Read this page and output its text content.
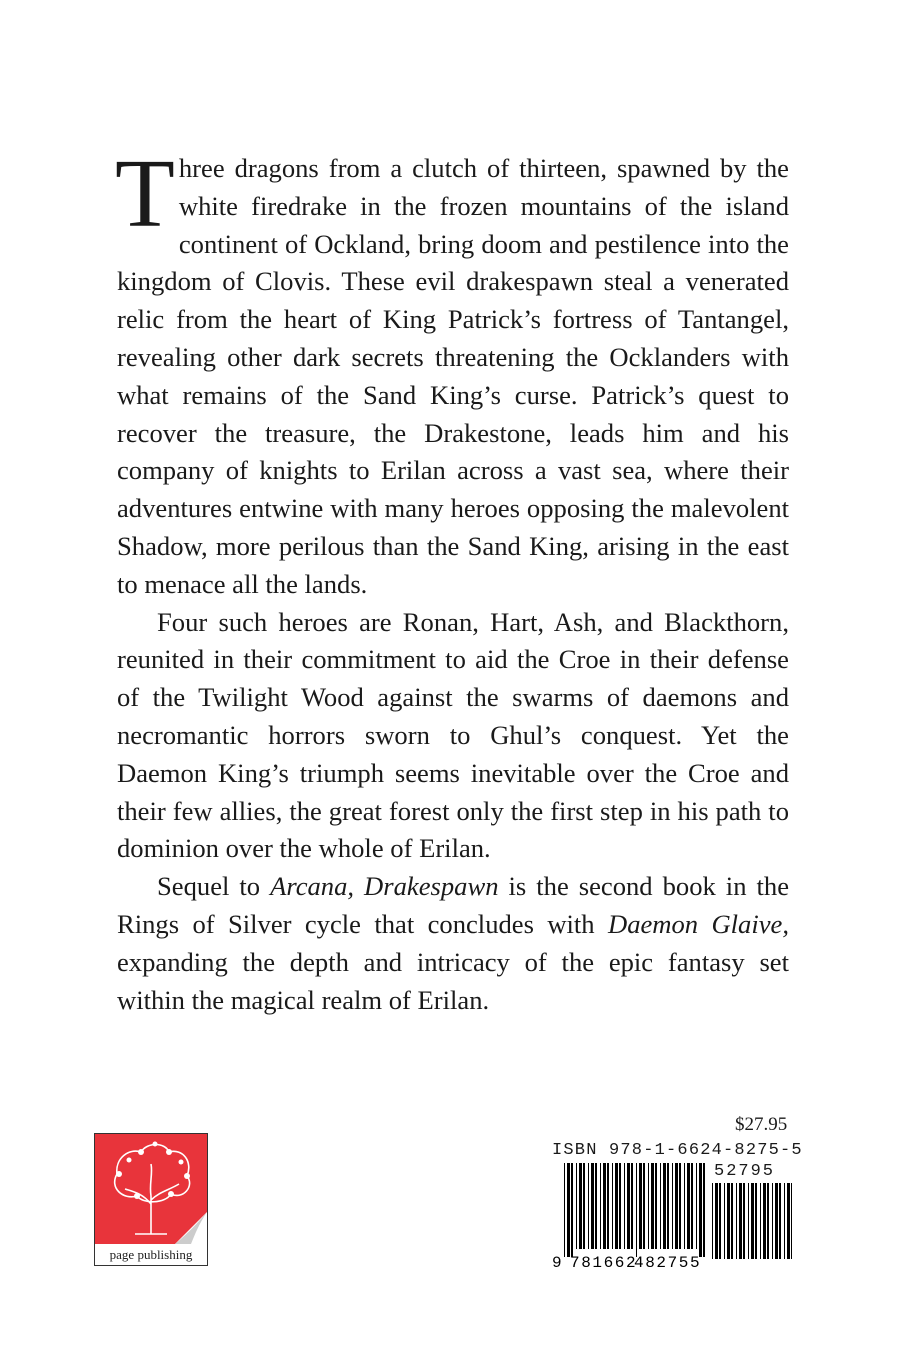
Three dragons from a clutch of thirteen, spawned by the white firedrake in the frozen mountains of the island continent of Ockland, bring doom and pestilence into the kingdom of Clovis. These evil drakespawn steal a venerated relic from the heart of King Patrick’s fortress of Tantangel, revealing other dark secrets threatening the Ocklanders with what remains of the Sand King’s curse. Patrick’s quest to recover the treasure, the Drakestone, leads him and his company of knights to Erilan across a vast sea, where their adventures entwine with many heroes opposing the malevolent Shadow, more perilous than the Sand King, arising in the east to menace all the lands.

Four such heroes are Ronan, Hart, Ash, and Blackthorn, reunited in their commitment to aid the Croe in their defense of the Twilight Wood against the swarms of daemons and necromantic horrors sworn to Ghul’s conquest. Yet the Daemon King’s triumph seems inevitable over the Croe and their few allies, the great forest only the first step in his path to dominion over the whole of Erilan.

Sequel to Arcana, Drakespawn is the second book in the Rings of Silver cycle that concludes with Daemon Glaive, expanding the depth and intricacy of the epic fantasy set within the magical realm of Erilan.

$27.95
ISBN 978-1-6624-8275-5
52795
9 781662
482755
page publishing
